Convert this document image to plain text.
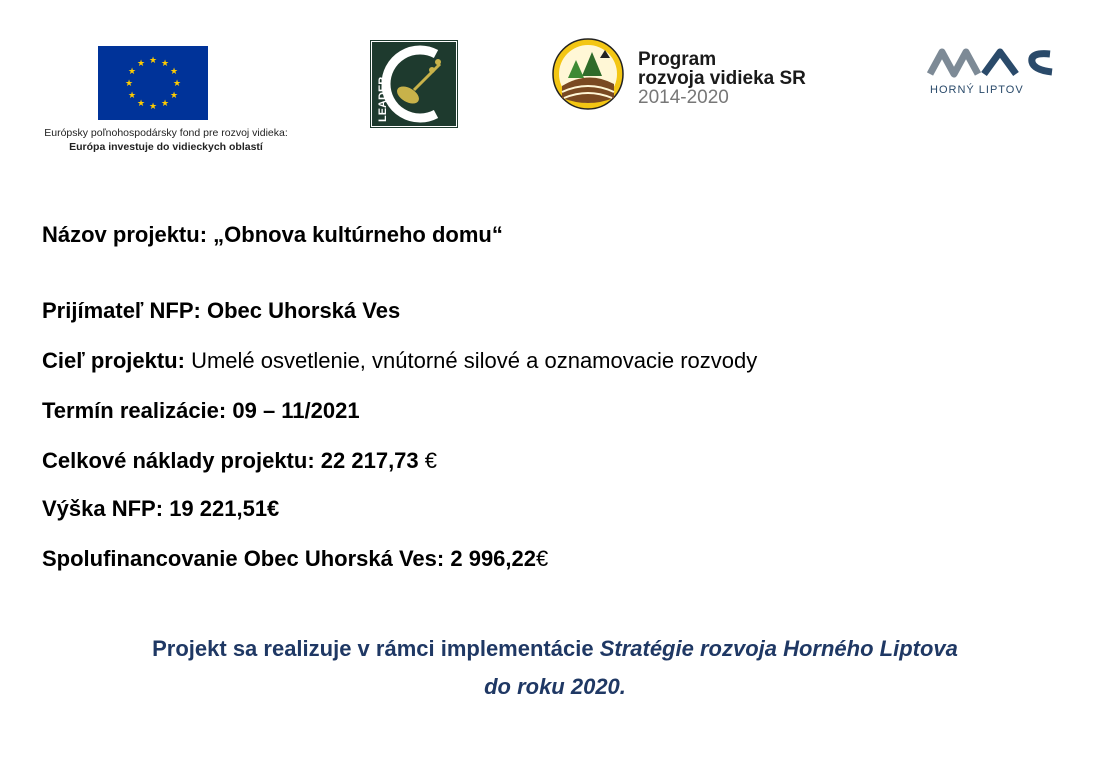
★ ★
★
★
★
★
★
★
★
★
★
★
Európsky poľnohospodársky fond pre rozvoj vidieka:
Európa investuje do vidieckych oblastí
LEADER
Program
rozvoja vidieka SR
2014-2020	HORNÝ LIPTOV
Názov projektu: „Obnova kultúrneho domu“
Prijímateľ NFP: Obec Uhorská Ves
Cieľ projektu: Umelé osvetlenie, vnútorné silové a oznamovacie rozvody
Termín realizácie: 09 – 11/2021
Celkové náklady projektu: 22 217,73 €
Výška NFP: 19 221,51€
Spolufinancovanie Obec Uhorská Ves: 2 996,22€
Projekt sa realizuje v rámci implementácie Stratégie rozvoja Horného Liptova
do roku 2020.
